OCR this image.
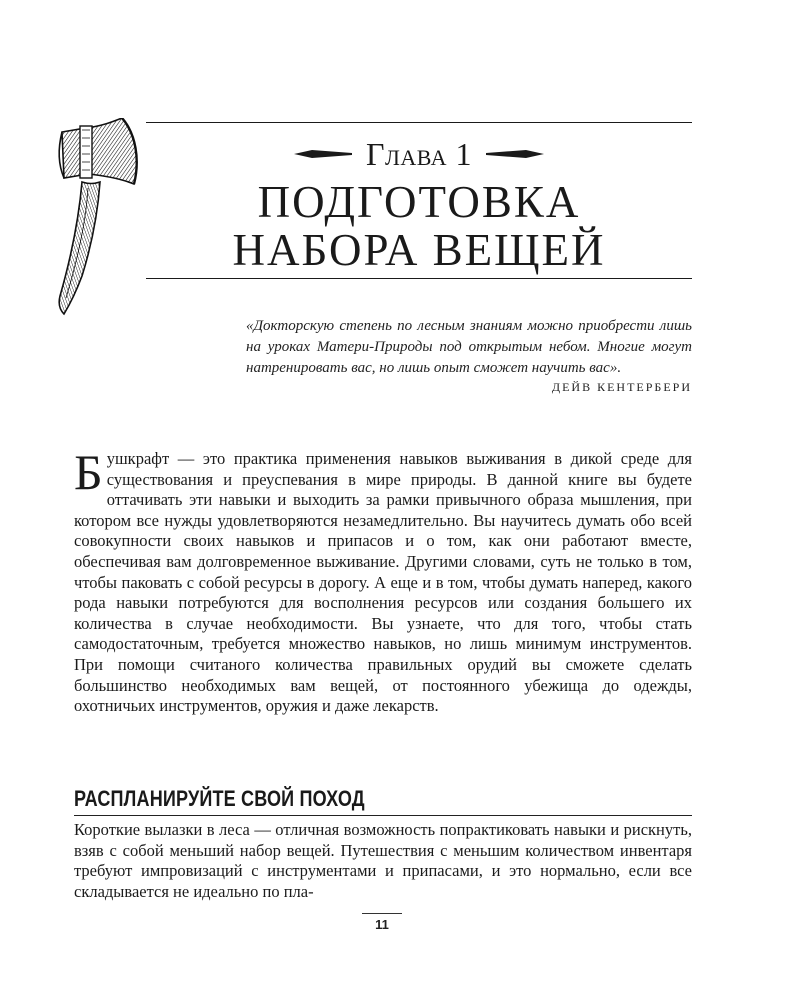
Глава 1
ПОДГОТОВКА
НАБОРА ВЕЩЕЙ
«Докторскую степень по лесным знаниям можно приобрести лишь на уроках Матери-Природы под открытым небом. Многие могут натренировать вас, но лишь опыт сможет научить вас».
ДЕЙВ КЕНТЕРБЕРИ
Бушкрафт — это практика применения навыков выживания в дикой среде для существования и преуспевания в мире природы. В данной книге вы будете оттачивать эти навыки и выходить за рамки привычного образа мышления, при котором все нужды удовлетворяются незамедлительно. Вы научитесь думать обо всей совокупности своих навыков и припасов и о том, как они работают вместе, обеспечивая вам долговременное выживание. Другими словами, суть не только в том, чтобы паковать с собой ресурсы в дорогу. А еще и в том, чтобы думать наперед, какого рода навыки потребуются для восполнения ресурсов или создания большего их количества в случае необходимости. Вы узнаете, что для того, чтобы стать самодостаточным, требуется множество навыков, но лишь минимум инструментов. При помощи считаного количества правильных орудий вы сможете сделать большинство необходимых вам вещей, от постоянного убежища до одежды, охотничьих инструментов, оружия и даже лекарств.
РАСПЛАНИРУЙТЕ СВОЙ ПОХОД
Короткие вылазки в леса — отличная возможность попрактиковать навыки и рискнуть, взяв с собой меньший набор вещей. Путешествия с меньшим количеством инвентаря требуют импровизаций с инструментами и припасами, и это нормально, если все складывается не идеально по пла-
11
